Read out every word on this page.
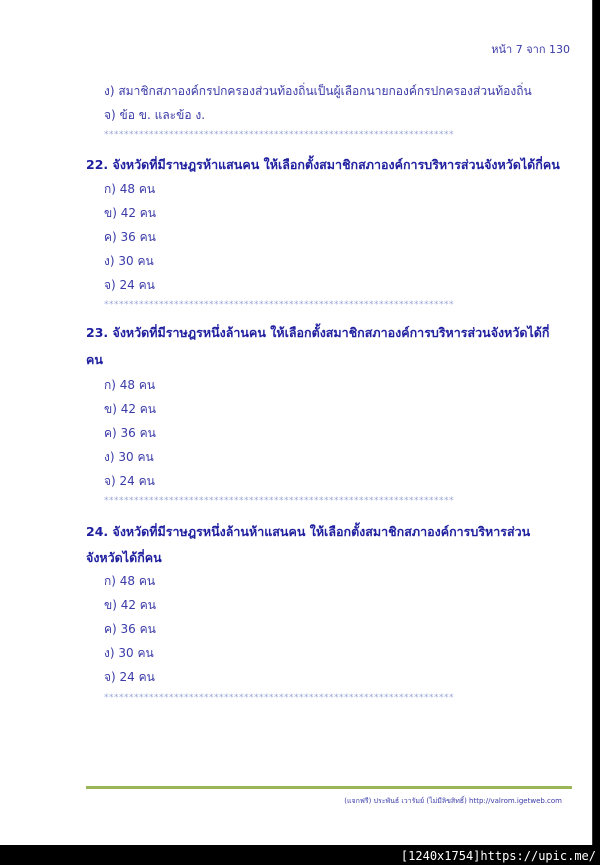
หน้า 7 จาก 130
ง) สมาชิกสภาองค์กรปกครองส่วนท้องถิ่นเป็นผู้เลือกนายกองค์กรปกครองส่วนท้องถิ่น
จ) ข้อ ข. และข้อ ง.
**********************************************************************
22. จังหวัดที่มีราษฎรห้าแสนคน ให้เลือกตั้งสมาชิกสภาองค์การบริหารส่วนจังหวัดได้กี่คน
ก) 48 คน
ข) 42 คน
ค) 36 คน
ง) 30 คน
จ) 24 คน
**********************************************************************
23. จังหวัดที่มีราษฎรหนึ่งล้านคน ให้เลือกตั้งสมาชิกสภาองค์การบริหารส่วนจังหวัดได้กี่
คน
ก) 48 คน
ข) 42 คน
ค) 36 คน
ง) 30 คน
จ) 24 คน
**********************************************************************
24. จังหวัดที่มีราษฎรหนึ่งล้านห้าแสนคน ให้เลือกตั้งสมาชิกสภาองค์การบริหารส่วน
จังหวัดได้กี่คน
ก) 48 คน
ข) 42 คน
ค) 36 คน
ง) 30 คน
จ) 24 คน
**********************************************************************
(แจกฟรี) ประพันธ์ เวารัมย์ (ไม่มีลิขสิทธิ์) http://valrom.igetweb.com
[1240x1754]https://upic.me/
